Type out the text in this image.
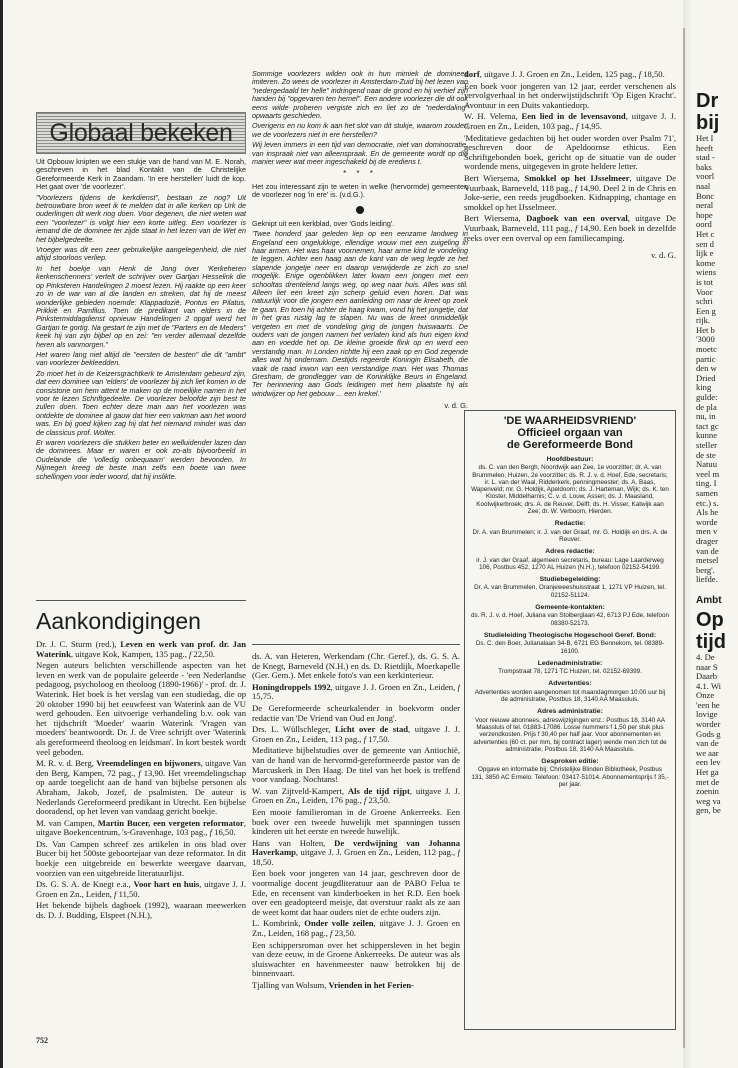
Globaal bekeken

Uit Opbouw knipten we een stukje van de hand van M. E. Norah, geschreven in het blad Kontakt van de Christelijke Gereformeerde Kerk in Zaandam. 'In ere herstellen' luidt de kop. Het gaat over 'de voorlezer'.

"Voorlezers tijdens de kerkdienst", bestaan ze nog? Uit betrouwbare bron weet ik te melden dat in alle kerken op Urk de ouderlingen dit werk nog doen. Voor degenen, die niet weten wat een "voorlezer" is volgt hier een korte uitleg. Een voorlezer is iemand die de dominee ter zijde staat in het lezen van de Wet en het bijbelgedeelte.

Vroeger was dit een zeer gebruikelijke aangelegenheid, die niet altijd stoorloos verliep.

In het boekje van Henk de Jong over 'Kerkeheren kerkenschenners' vertelt de schrijver over Gartjan Hesselink die op Pinksteren Handelingen 2 moest lezen. Hij raakte op een keer zo in de war van al die landen en streken, dat hij de meest wonderlijke gebieden noemde: Klappadozië, Pontus en Pilatus, Prikkië en Pamfilus. Toen de predikant van elders in de Pinkstermiddagdienst opnieuw Handelingen 2 opgaf werd het Gartjan te gortig. Na gestart te zijn met de "Parters en de Meders" keek hij van zijn bijbel op en zei: "en verder allemaal dezelfde heren als vanmorgen."

Het waren lang niet altijd de "eersten de besten" die dit "ambt" van voorlezer bekleedden.

Zo moet het in de Keizersgrachtkerk te Amsterdam gebeurd zijn, dat een dominee van 'elders' de voorlezer bij zich liet komen in de consistorie om hem attent te maken op de moeilijke namen in het voor te lezen Schriftgedeelte. De voorlezer beloofde zijn best te zullen doen. Toen echter deze man aan het voorlezen was ontdekte de dominee al gauw dat hier een vakman aan het woord was. En bij goed kijken zag hij dat het niemand minder was dan de classicus prof. Wolter.

Er waren voorlezers die stukken beter en welluidender lazen dan de dominees. Maar er waren er ook zo-als bijvoorbeeld in Oudelande die 'volledig onbequaam' werden bevonden. In Nijmegen kreeg de beste man zelfs een boete van twee schellingen voor ieder woord, dat hij inslikte.

Sommige voorlezers wilden ook in hun mimiek de dominees imiteren. Zo wees de voorlezer in Amsterdam-Zuid bij het lezen van "nedergedaald ter helle" indringend naar de grond en hij verhief zijn handen bij "opgevaren ten hemel". Een andere voorlezer die dit ook eens wilde proberen vergiste zich en liet zo de "nederdaling" opwaarts geschieden.

Overigens en nu kom ik aan het slot van dit stukje, waarom zouden we de voorlezers niet in ere herstellen?

Wij leven immers in een tijd van democratie, niet van dominocratie, van inspraak niet van alleenspraak. En de gemeente wordt op die manier weer wat meer ingeschakeld bij de erediens t.

* * *

Het zou interessant zijn te weten in welke (hervormde) gemeenten de voorlezer nog 'in ere' is. (v.d.G.).

Geknipt uit een kerkblad, over 'Gods leiding'.

'Twee honderd jaar geleden liep op een eenzame landweg in Engeland een ongelukkige, ellendige vrouw met een zuigeling in haar armen. Het was haar voornemen, haar arme kind te vondeling te leggen. Achter een haag aan de kant van de weg legde ze het slapende jongetje neer en daarop verwijderde ze zich zo snel mogelijk. Enige ogenblikken later kwam een jongen met een schooltas drentelend langs weg, op weg naar huis. Alles was stil. Alleen liet een kreet zijn scherp geluid even horen. Dat was natuurlijk voor die jongen een aanleiding om naar de kreet op zoek te gaan. En toen hij achter de haag kwam, vond hij het jongetje, dat in het gras rustig lag te slapen. Nu was de kreet onmiddellijk vergeten en met de vondeling ging de jongen huiswaarts. De ouders van de jongen namen het verlaten kind als hun eigen kind aan en voedde het op. De kleine groeide flink op en werd een verstandig man. In Londen richtte hij een zaak op en God zegende alles wat hij ondernam. Destijds regeerde Koningin Elisabeth, die vaak de raad inwon van een verstandige man. Het was Thomas Gresham, de grondlegger van de Koninklijke Beurs in Engeland. Ter herinnering aan Gods leidingen met hem plaatste hij als windwijzer op het gebouw ... een krekel.'

v. d. G.
Aankondigingen

Dr. J. C. Sturm (red.), Leven en werk van prof. dr. Jan Waterink, uitgave Kok, Kampen, 135 pag., f 22,50.

Negen auteurs belichten verschillende aspecten van het leven en werk van de populaire geleerde - 'een Nederlandse pedagoog, psycholoog en theoloog (1890-1966)' - prof. dr. J. Waterink. Het boek is het verslag van een studiedag, die op 20 oktober 1990 bij het eeuwfeest van Waterink aan de VU werd gehouden. Een uitvoerige verhandeling b.v. ook van het tijdschrift 'Moeder' waarin Waterink 'Vragen van moeders' beantwoordt. Dr. J. de Vree schrijft over 'Waterink als gereformeerd theoloog en leidsman'. In kort bestek wordt veel geboden.

M. R. v. d. Berg, Vreemdelingen en bijwoners, uitgave Van den Berg, Kampen, 72 pag., f 13,90. Het vreemdelingschap op aarde toegelicht aan de hand van bijbelse personen als Abraham, Jakob, Jozef, de psalmisten. De auteur is Nederlands Gereformeerd predikant in Utrecht. Een bijbelse dooradend, op het leven van vandaag gericht boekje.

M. van Campen, Martin Bucer, een vergeten reformator, uitgave Boekencentrum, 's-Gravenhage, 103 pag., f 16,50.

Ds. Van Campen schreef zes artikelen in ons blad over Bucer bij het 500ste geboortejaar van deze reformator. In dit boekje een uitgebreide en bewerkte weergave daarvan, voorzien van een uitgebreide literatuurlijst.

Ds. G. S. A. de Knegt e.a., Voor hart en huis, uitgave J. J. Groen en Zn., Leiden, f 11,50.

Het bekende bijbels dagboek (1992), waaraan meewerken ds. D. J. Budding, Elspeet (N.H.),

ds. A. van Heteren, Werkendam (Chr. Geref.), ds. G. S. A. de Knegt, Barneveld (N.H.) en ds. D. Rietdijk, Moerkapelle (Ger. Gem.). Met enkele foto's van een kerkinterieur.

Honingdroppels 1992, uitgave J. J. Groen en Zn., Leiden, f 15,75.

De Gereformeerde scheurkalender in boekvorm onder redactie van 'De Vriend van Oud en Jong'.

Drs. L. Wüllschleger, Licht over de stad, uitgave J. J. Groen en Zn., Leiden, 113 pag., f 17,50.

Meditatieve bijbelstudies over de gemeente van Antiochië, van de hand van de hervormd-gereformeerde pastor van de Marcuskerk in Den Haag. De titel van het boek is treffend voor vandaag. Nochtans!

W. van Zijtveld-Kampert, Als de tijd rijpt, uitgave J. J. Groen en Zn., Leiden, 176 pag., f 23,50.

Een mooie familieroman in de Groene Ankerreeks. Een boek over een tweede huwelijk met spanningen tussen kinderen uit het eerste en tweede huwelijk.

Hans van Holten, De verdwijning van Johanna Haverkamp, uitgave J. J. Groen en Zn., Leiden, 112 pag., f 18,50.

Een boek voor jongeren van 14 jaar, geschreven door de voormalige docent jeugdliteratuur aan de PABO Felua te Ede, en recensent van kinderboeken in het R.D. Een boek over een geadopteerd meisje, dat overstuur raakt als ze aan de weet komt dat haar ouders niet de echte ouders zijn.

L. Kombrink, Onder volle zeilen, uitgave J. J. Groen en Zn., Leiden, 168 pag., f 23,50.

Een schippersroman over het schippersleven in het begin van deze eeuw, in de Groene Ankerreeks. De auteur was als sluiswachter en havenmeester nauw betrokken bij de binnenvaart.

Tjalling van Wolsum, Vrienden in het Ferien-

dorf, uitgave J. J. Groen en Zn., Leiden, 125 pag., f 18,50.

Een boek voor jongeren van 12 jaar, eerder verschenen als vervolgverhaal in het onderwijstijdschrift 'Op Eigen Kracht'. Avontuur in een Duits vakantiedorp.

W. H. Velema, Een lied in de levensavond, uitgave J. J. Groen en Zn., Leiden, 103 pag., f 14,95.

'Meditatieve gedachten bij het ouder worden over Psalm 71', geschreven door de Apeldoornse ethicus. Een Schriftgebonden boek, gericht op de situatie van de ouder wordende mens, uitgegeven in grote heldere letter.

Bert Wiersema, Smokkel op het IJsselmeer, uitgave De Vuurbaak, Barneveld, 118 pag., f 14,90. Deel 2 in de Chris en Joke-serie, een reeds jeugdboeken. Kidnapping, chantage en smokkel op het IJsselmeer.

Bert Wiersema, Dagboek van een overval, uitgave De Vuurbaak, Barneveld, 111 pag., f 14,90. Een boek in dezelfde reeks over een overval op een familiecamping.

v. d. G.
'DE WAARHEIDSVRIEND'
Officieel orgaan van
de Gereformeerde Bond
Hoofdbestuur:
ds. C. van den Bergh, Noordwijk aan Zee, 1e voorzitter; dr. A. van Brummelen, Huizen, 2e voorzitter; ds. R. J. v. d. Hoef, Ede, secretaris; ir. L. van der Waal, Ridderkerk, penningmeester; ds. A. Baas, Wapenveld; mr. G. Holdijk, Apeldoorn; ds. J. Harteman, Wijk; ds. K. ten Kloster, Middelharnis; C. v. d. Louw, Assen; ds. J. Maasland, Kootwijkerbroek; drs. A. de Reuver, Delft; ds. H. Visser, Katwijk aan Zee; dr. W. Verboom, Hierden.
Redactie:
Dr. A. van Brummelen; ir. J. van der Graaf, mr. G. Holdijk en drs. A. de Reuver.
Adres redactie:
ir. J. van der Graaf, algemeen secretaris, bureau: Lage Laarderweg 106, Postbus 452, 1270 AL Huizen (N.H.), telefoon 02152-54199.
Studiebegeleiding:
Dr. A. van Brummelen, Oranjeweeshuisstraat 1, 1271 VP Huizen, tel. 02152-51124.
Gemeente-kontakten:
ds. R. J. v. d. Hoef, Juliana van Stolberglaan 42, 6713 PJ Ede, telefoon 08380-52173.
Studieleiding Theologische Hogeschool Geref. Bond:
Ds. C. den Boer, Julianalaan 34-B, 6721 EG Bennekom, tel. 08389-16100.
Ledenadministratie:
Trompstraat 78, 1271 TC Huizen, tel. 02152-69399.
Advertenties:
Advertenties worden aangenomen tot maandagmorgen 10.00 uur bij de administratie, Postbus 18, 3140 AA Maassluis.
Adres administratie:
Voor nieuwe abonnees, adreswijzigingen enz.: Postbus 18, 3140 AA Maassluis of tel. 01883-17086. Losse nummers f 1,50 per stuk plus verzendkosten. Prijs f 30,40 per half jaar. Voor abonnementen en advertenties (60 ct. per mm, bij contract lager) wende men zich tot de administratie, Postbus 18, 3140 AA Maassluis.
Gesproken editie:
Opgave en informatie bij: Christelijke Blinden Bibliotheek, Postbus 131, 3850 AC Ermelo. Telefoon: 03417-51014. Abonnementsprijs f 35,- per jaar.
Dr bij
Het I
heeft
stad -
baks
voorl
naal
Bonc
neral
hope
oord
Het c
sen d
lijk e
kome
wiens
is tot
Voor
schri
Een g
rijk.
Het b
'3000
moetc
partic
den w
Dried
king
gulde:
de pla
nu, in
tact gc
kunne
steller
de ste
Natuu
veel m
ting. I
samen
etc.) s.
Als he
worde
men v
drager
van de
metsel
berg'.
liefde.
Ambt
Op tijd
4. De
naar S
Daarb
4.1. Wi
Onze
'een he
lovige
worder
Gods g
van de
we aar
een lev
Het ga
met de
zoenin
weg va
gen, be
752
